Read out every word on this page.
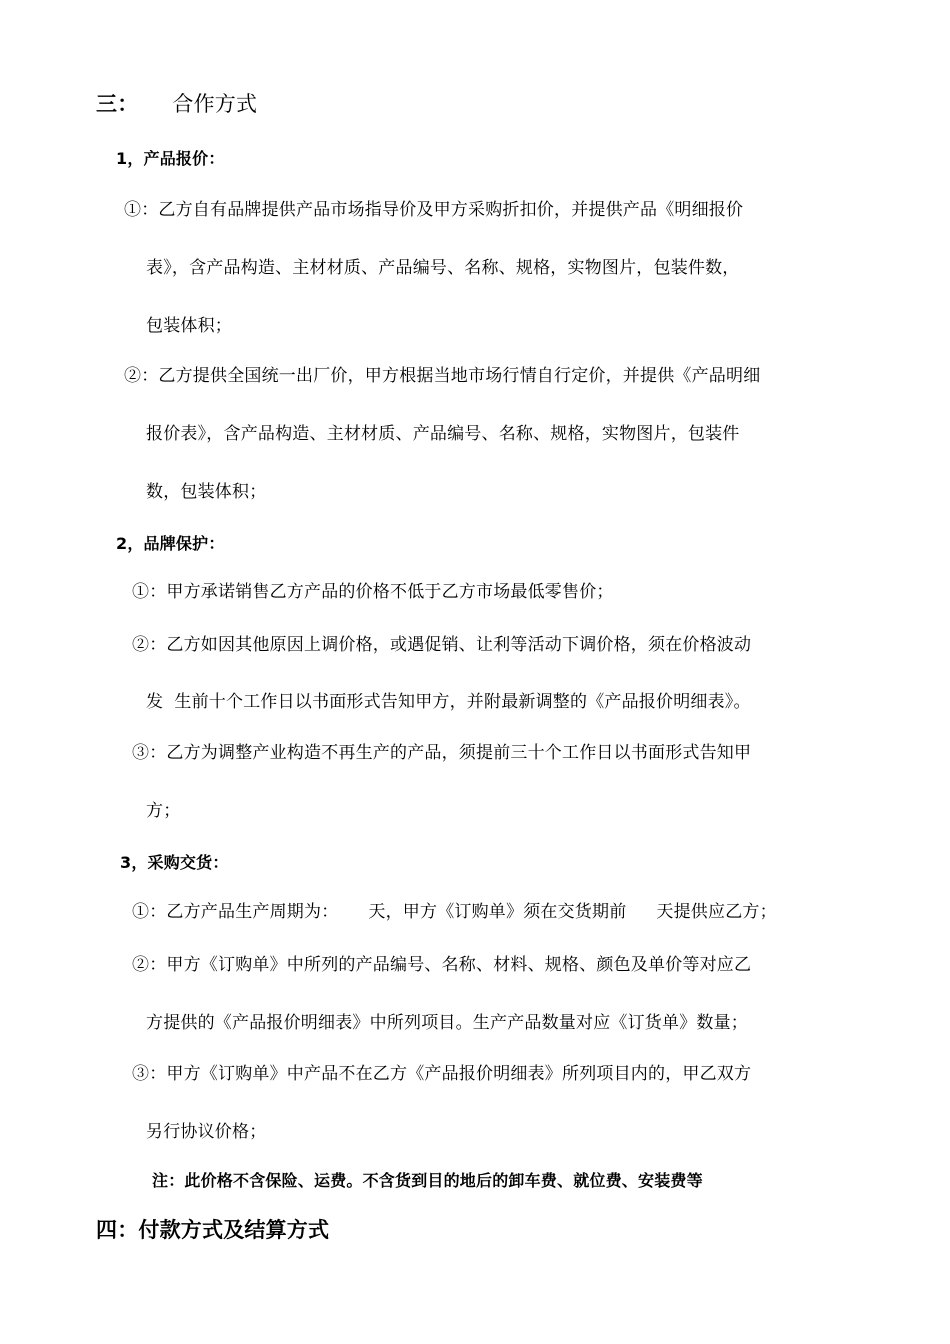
三： 合作方式
1，产品报价：
①：乙方自有品牌提供产品市场指导价及甲方采购折扣价，并提供产品《明细报价
表》，含产品构造、主材材质、产品编号、名称、规格，实物图片，包装件数，
包装体积；
②：乙方提供全国统一出厂价，甲方根据当地市场行情自行定价，并提供《产品明细
报价表》，含产品构造、主材材质、产品编号、名称、规格，实物图片，包装件
数，包装体积；
2，品牌保护：
①：甲方承诺销售乙方产品的价格不低于乙方市场最低零售价；
②：乙方如因其他原因上调价格，或遇促销、让利等活动下调价格，须在价格波动
发  生前十个工作日以书面形式告知甲方，并附最新调整的《产品报价明细表》。
③：乙方为调整产业构造不再生产的产品，须提前三十个工作日以书面形式告知甲
方；
3，采购交货：
①：乙方产品生产周期为： 天，甲方《订购单》须在交货期前 天提供应乙方；
②：甲方《订购单》中所列的产品编号、名称、材料、规格、颜色及单价等对应乙
方提供的《产品报价明细表》中所列项目。生产产品数量对应《订货单》数量；
③：甲方《订购单》中产品不在乙方《产品报价明细表》所列项目内的，甲乙双方
另行协议价格；
注：此价格不含保险、运费。不含货到目的地后的卸车费、就位费、安装费等
四：付款方式及结算方式
